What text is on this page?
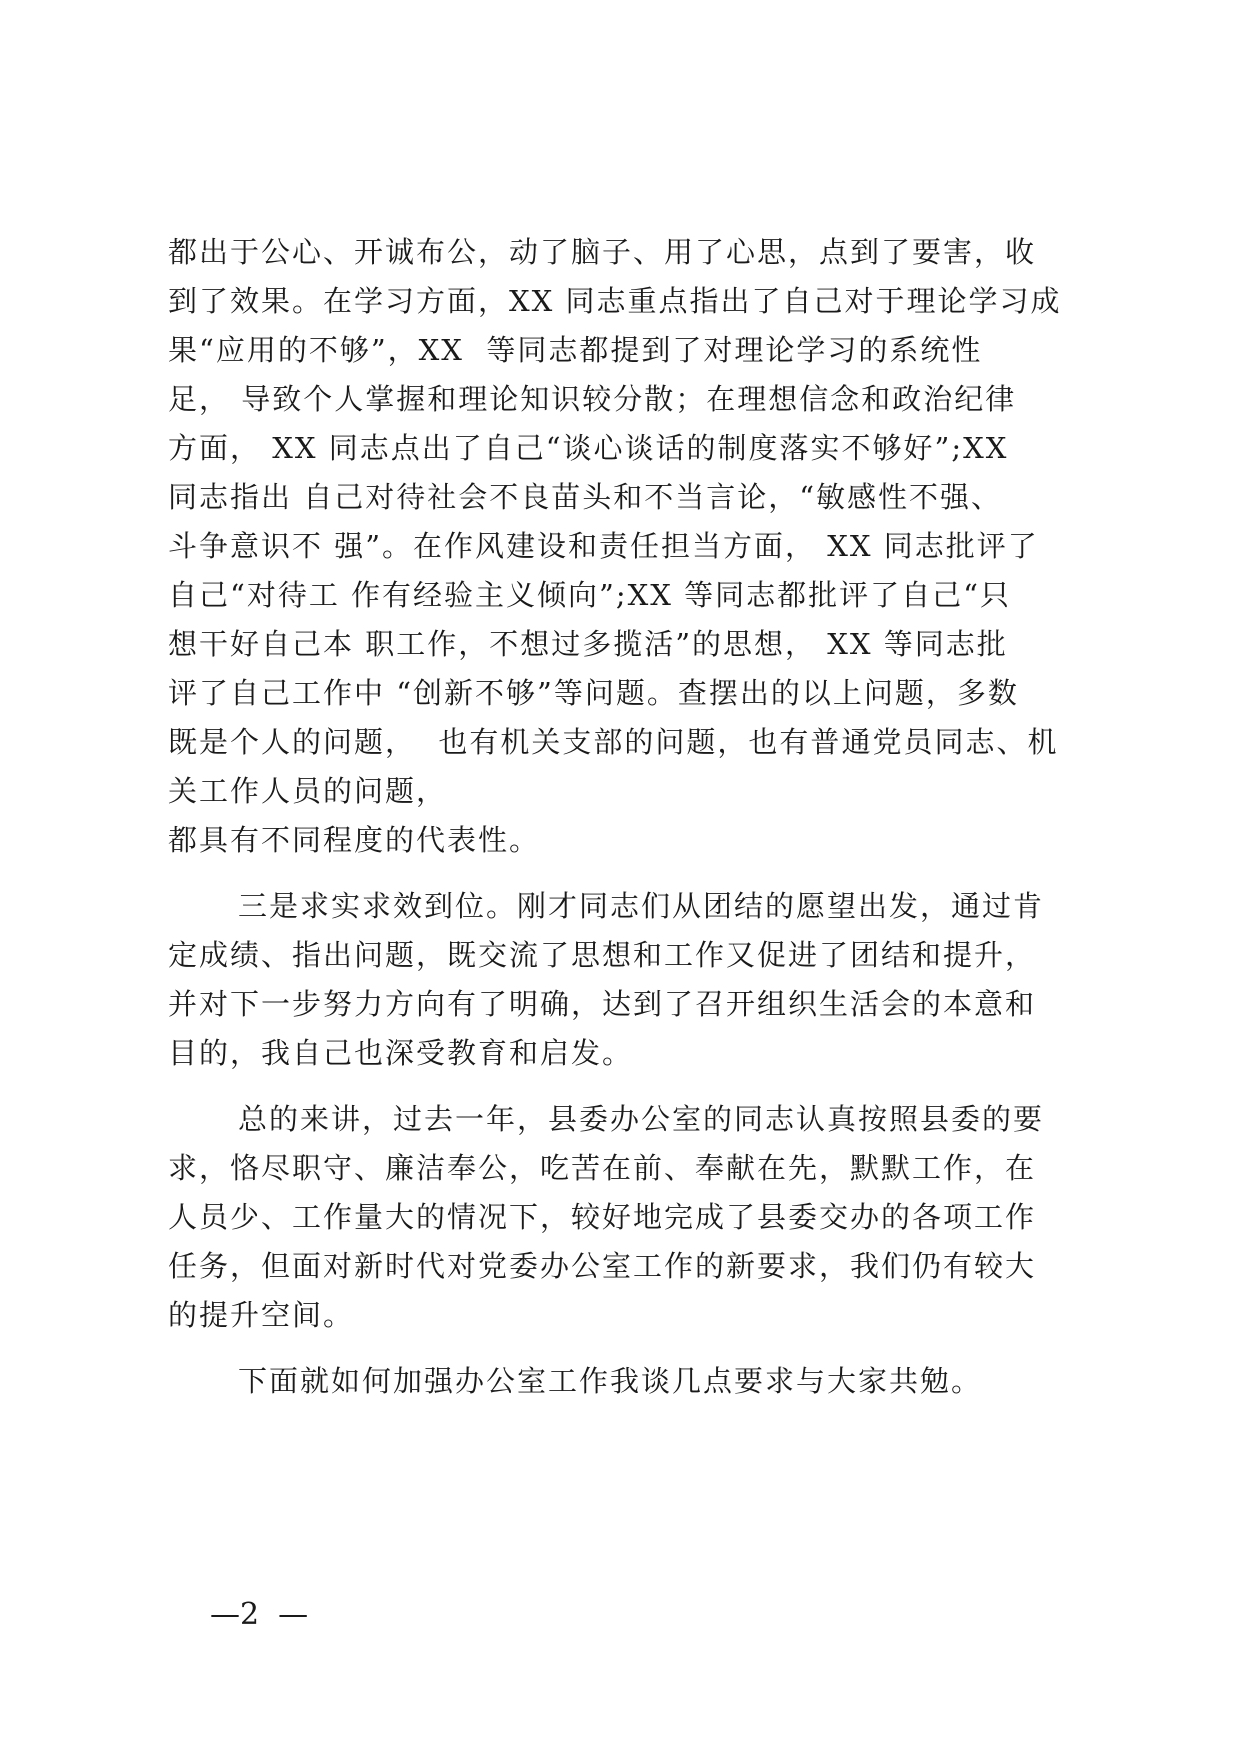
都出于公心、开诚布公，动了脑子、用了心思，点到了要害，收
到了效果。在学习方面，XX 同志重点指出了自己对于理论学习成
果“应用的不够”，XX  等同志都提到了对理论学习的系统性
足， 导致个人掌握和理论知识较分散；在理想信念和政治纪律
方面， XX 同志点出了自己“谈心谈话的制度落实不够好”;XX
同志指出 自己对待社会不良苗头和不当言论，“敏感性不强、
斗争意识不 强”。在作风建设和责任担当方面， XX 同志批评了
自己“对待工 作有经验主义倾向”;XX 等同志都批评了自己“只
想干好自己本 职工作，不想过多揽活”的思想， XX 等同志批
评了自己工作中 “创新不够”等问题。查摆出的以上问题，多数
既是个人的问题，  也有机关支部的问题，也有普通党员同志、机
关工作人员的问题，
都具有不同程度的代表性。
三是求实求效到位。刚才同志们从团结的愿望出发，通过肯
定成绩、指出问题，既交流了思想和工作又促进了团结和提升，
并对下一步努力方向有了明确，达到了召开组织生活会的本意和
目的，我自己也深受教育和启发。
总的来讲，过去一年，县委办公室的同志认真按照县委的要
求，恪尽职守、廉洁奉公，吃苦在前、奉献在先，默默工作，在
人员少、工作量大的情况下，较好地完成了县委交办的各项工作
任务，但面对新时代对党委办公室工作的新要求，我们仍有较大
的提升空间。
下面就如何加强办公室工作我谈几点要求与大家共勉。
—2  —
